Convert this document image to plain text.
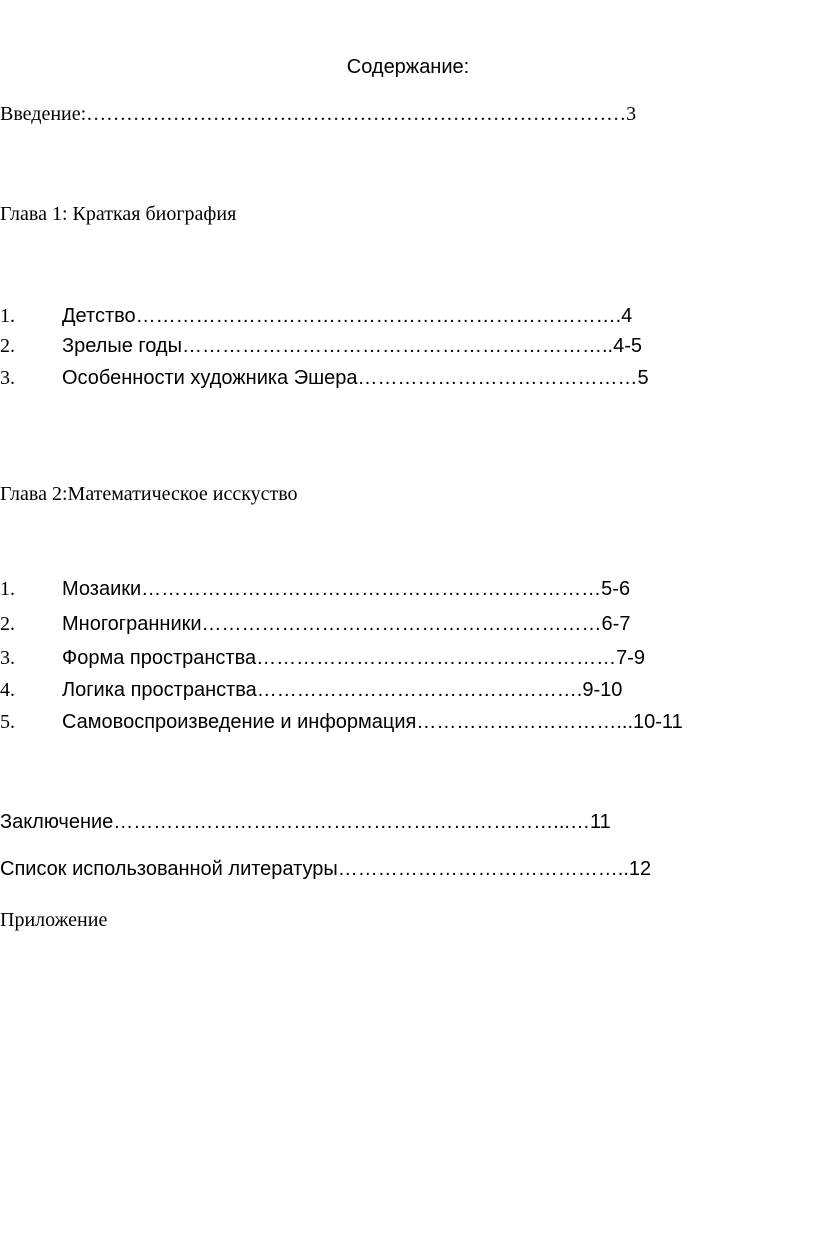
Содержание:
Введение:………………………………………………………………………3
Глава 1: Краткая биография
1. Детство……………………………………………………………….4
2. Зрелые годы………………………………………………………..4-5
3. Особенности художника Эшера……………………………………5
Глава 2:Математическое исскуство
1. Мозаики……………………………………………………………5-6
2. Многогранники……………………………………………………6-7
3. Форма пространства………………………………………………7-9
4. Логика пространства………………………………………….9-10
5. Самовоспроизведение и информация…………………………...10-11
Заключение…………………………………………………………...…11
Список использованной литературы……………………………………..12
Приложение
